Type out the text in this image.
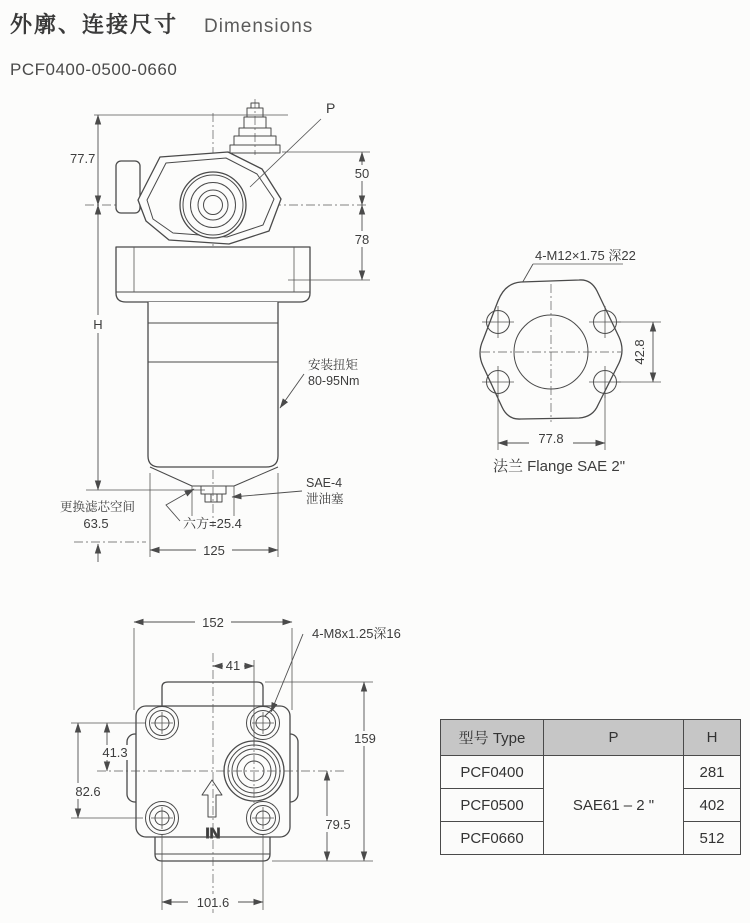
外廓、连接尺寸 Dimensions
PCF0400-0500-0660
77.7
H
50
78
125
更换滤芯空间
63.5
P
安装扭矩
80-95Nm
SAE-4
泄油塞
六方=25.4
4-M12×1.75 深22
42.8
77.8
法兰 Flange SAE 2"
IN
152
41
41.3
82.6
159
79.5
101.6
4-M8x1.25深16
型号 Type	P	H
PCF0400	SAE61 – 2 "	281
PCF0500		402
PCF0660		512
